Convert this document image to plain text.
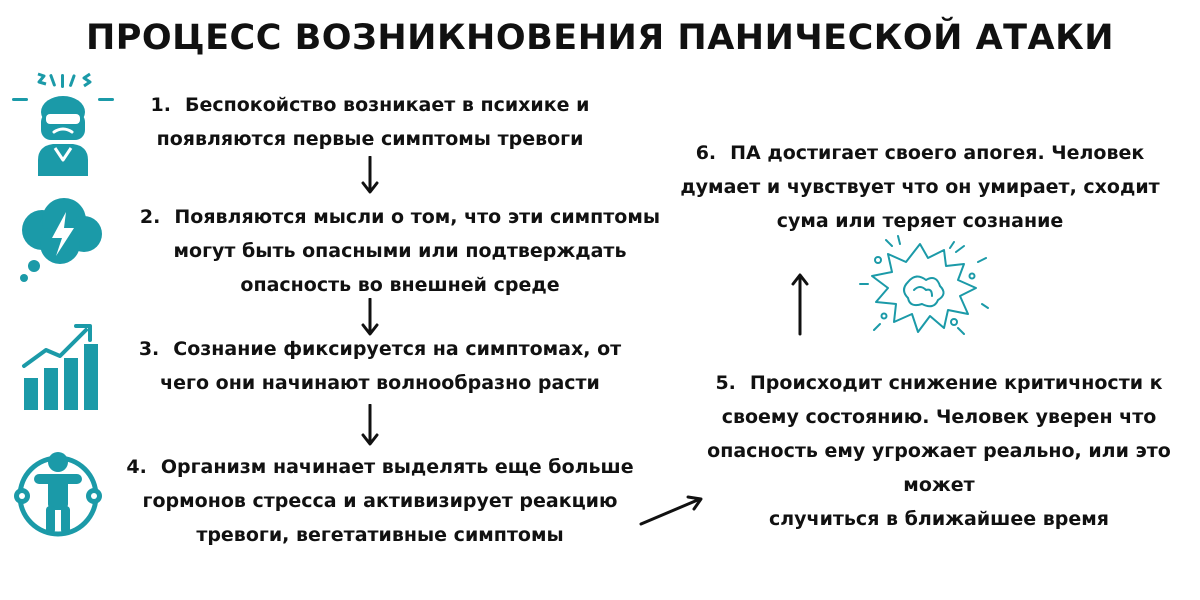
ПРОЦЕСС ВОЗНИКНОВЕНИЯ ПАНИЧЕСКОЙ АТАКИ
1. Беспокойство возникает в психике и
появляются первые симптомы тревоги
2. Появляются мысли о том, что эти симптомы
могут быть опасными или подтверждать
опасность во внешней среде
3. Сознание фиксируется на симптомах, от
чего они начинают волнообразно расти
4. Организм начинает выделять еще больше
гормонов стресса и активизирует реакцию
тревоги, вегетативные симптомы
5. Происходит снижение критичности к
своему состоянию. Человек уверен что
опасность ему угрожает реально, или это может
случиться в ближайшее время
6. ПА достигает своего апогея. Человек
думает и чувствует что он умирает, сходит
сума или теряет сознание
